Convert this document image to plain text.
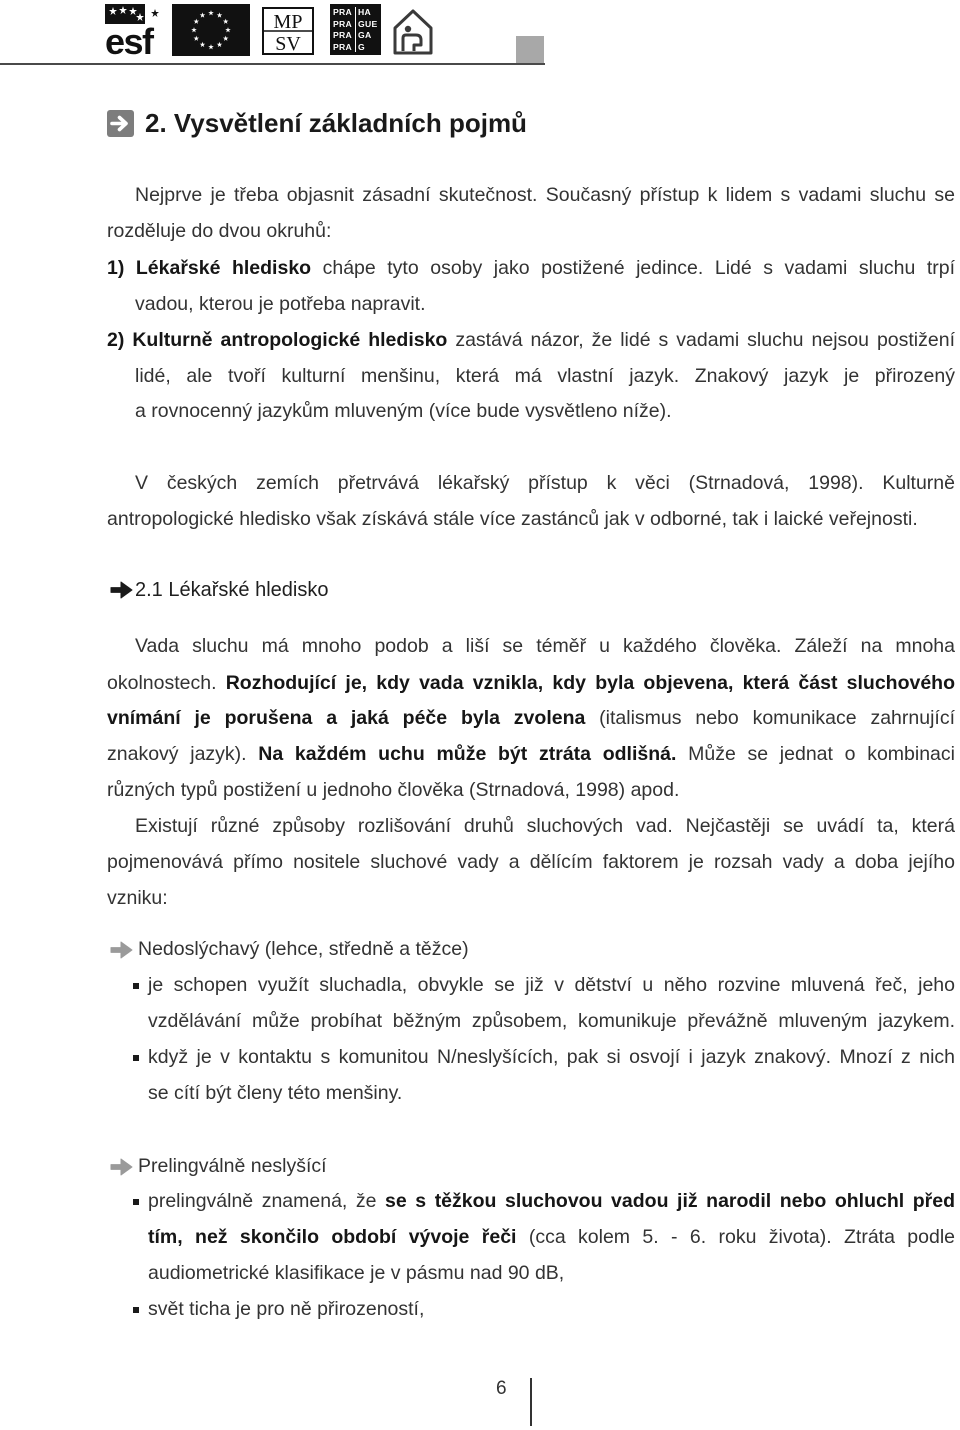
esf	MP
SV
PRA HA
PRA GUE
PRA GA
PRA G
2. Vysvětlení základních pojmů
Nejprve je třeba objasnit zásadní skutečnost. Současný přístup k lidem s vadami sluchu se
rozděluje do dvou okruhů:
1) Lékařské hledisko chápe tyto osoby jako postižené jedince. Lidé s vadami sluchu trpí
vadou, kterou je potřeba napravit.
2) Kulturně antropologické hledisko zastává názor, že lidé s vadami sluchu nejsou postižení
lidé, ale tvoří kulturní menšinu, která má vlastní jazyk. Znakový jazyk je přirozený
a rovnocenný jazykům mluveným (více bude vysvětleno níže).
V českých zemích přetrvává lékařský přístup k věci (Strnadová, 1998). Kulturně
antropologické hledisko však získává stále více zastánců jak v odborné, tak i laické veřejnosti.
2.1 Lékařské hledisko
Vada sluchu má mnoho podob a liší se téměř u každého člověka. Záleží na mnoha
okolnostech. Rozhodující je, kdy vada vznikla, kdy byla objevena, která část sluchového
vnímání je porušena a jaká péče byla zvolena (italismus nebo komunikace zahrnující
znakový jazyk). Na každém uchu může být ztráta odlišná. Může se jednat o kombinaci
různých typů postižení u jednoho člověka (Strnadová, 1998) apod.
Existují různé způsoby rozlišování druhů sluchových vad. Nejčastěji se uvádí ta, která
pojmenovává přímo nositele sluchové vady a dělícím faktorem je rozsah vady a doba jejího
vzniku:
Nedoslýchavý (lehce, středně a těžce)
je schopen využít sluchadla, obvykle se již v dětství u něho rozvine mluvená řeč, jeho
vzdělávání může probíhat běžným způsobem, komunikuje převážně mluveným jazykem.
když je v kontaktu s komunitou N/neslyšících, pak si osvojí i jazyk znakový. Mnozí z nich
se cítí být členy této menšiny.
Prelingválně neslyšící
prelingválně znamená, že se s těžkou sluchovou vadou již narodil nebo ohluchl před
tím, než skončilo období vývoje řeči (cca kolem 5. - 6. roku života). Ztráta podle
audiometrické klasifikace je v pásmu nad 90 dB,
svět ticha je pro ně přirozeností,
6
